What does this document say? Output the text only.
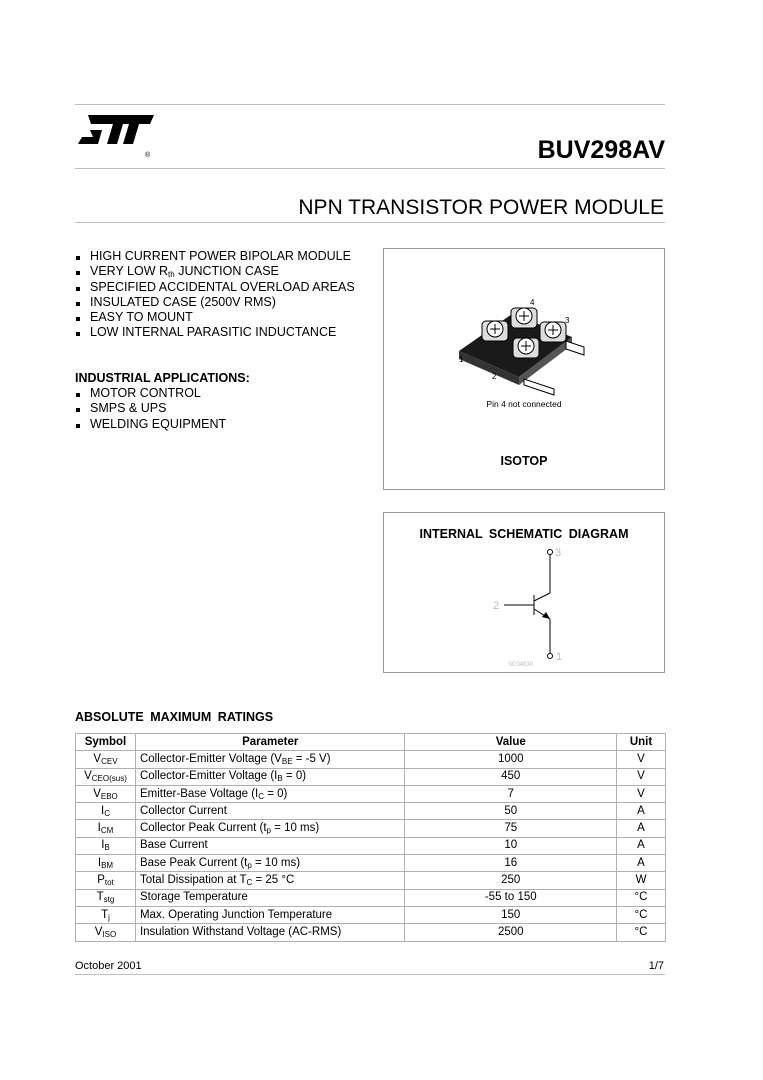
®	BUV298AV
NPN TRANSISTOR POWER MODULE
HIGH CURRENT POWER BIPOLAR MODULE
VERY LOW $R_{th}$ JUNCTION CASE
SPECIFIED ACCIDENTAL OVERLOAD AREAS
INSULATED CASE (2500V RMS)
EASY TO MOUNT
LOW INTERNAL PARASITIC INDUCTANCE
INDUSTRIAL APPLICATIONS:
MOTOR CONTROL
SMPS & UPS
WELDING EQUIPMENT
1
2
3
4
Pin 4 not connected
ISOTOP
INTERNAL SCHEMATIC DIAGRAM
3
2
1
SC04830
ABSOLUTE MAXIMUM RATINGS
Symbol	Parameter	Value	Unit
$V_{CEV}$	Collector-Emitter Voltage ($V_{BE} = -5$ V)	1000	V
$V_{CEO(sus)}$	Collector-Emitter Voltage $(I_B = 0)$	450	V
$V_{EBO}$	Emitter-Base Voltage $(I_C = 0)$	7	V
$I_C$	Collector Current	50	A
$I_{CM}$	Collector Peak Current ($t_p = 10$ ms)	75	A
$I_B$	Base Current	10	A
$I_{BM}$	Base Peak Current ($t_p = 10$ ms)	16	A
$P_{tot}$	Total Dissipation at $T_C = 25$ °C	250	W
$T_{stg}$	Storage Temperature	-55 to 150	°C
$T_j$	Max. Operating Junction Temperature	150	°C
$V_{ISO}$	Insulation Withstand Voltage (AC-RMS)	2500	°C
October 2001	1/7
